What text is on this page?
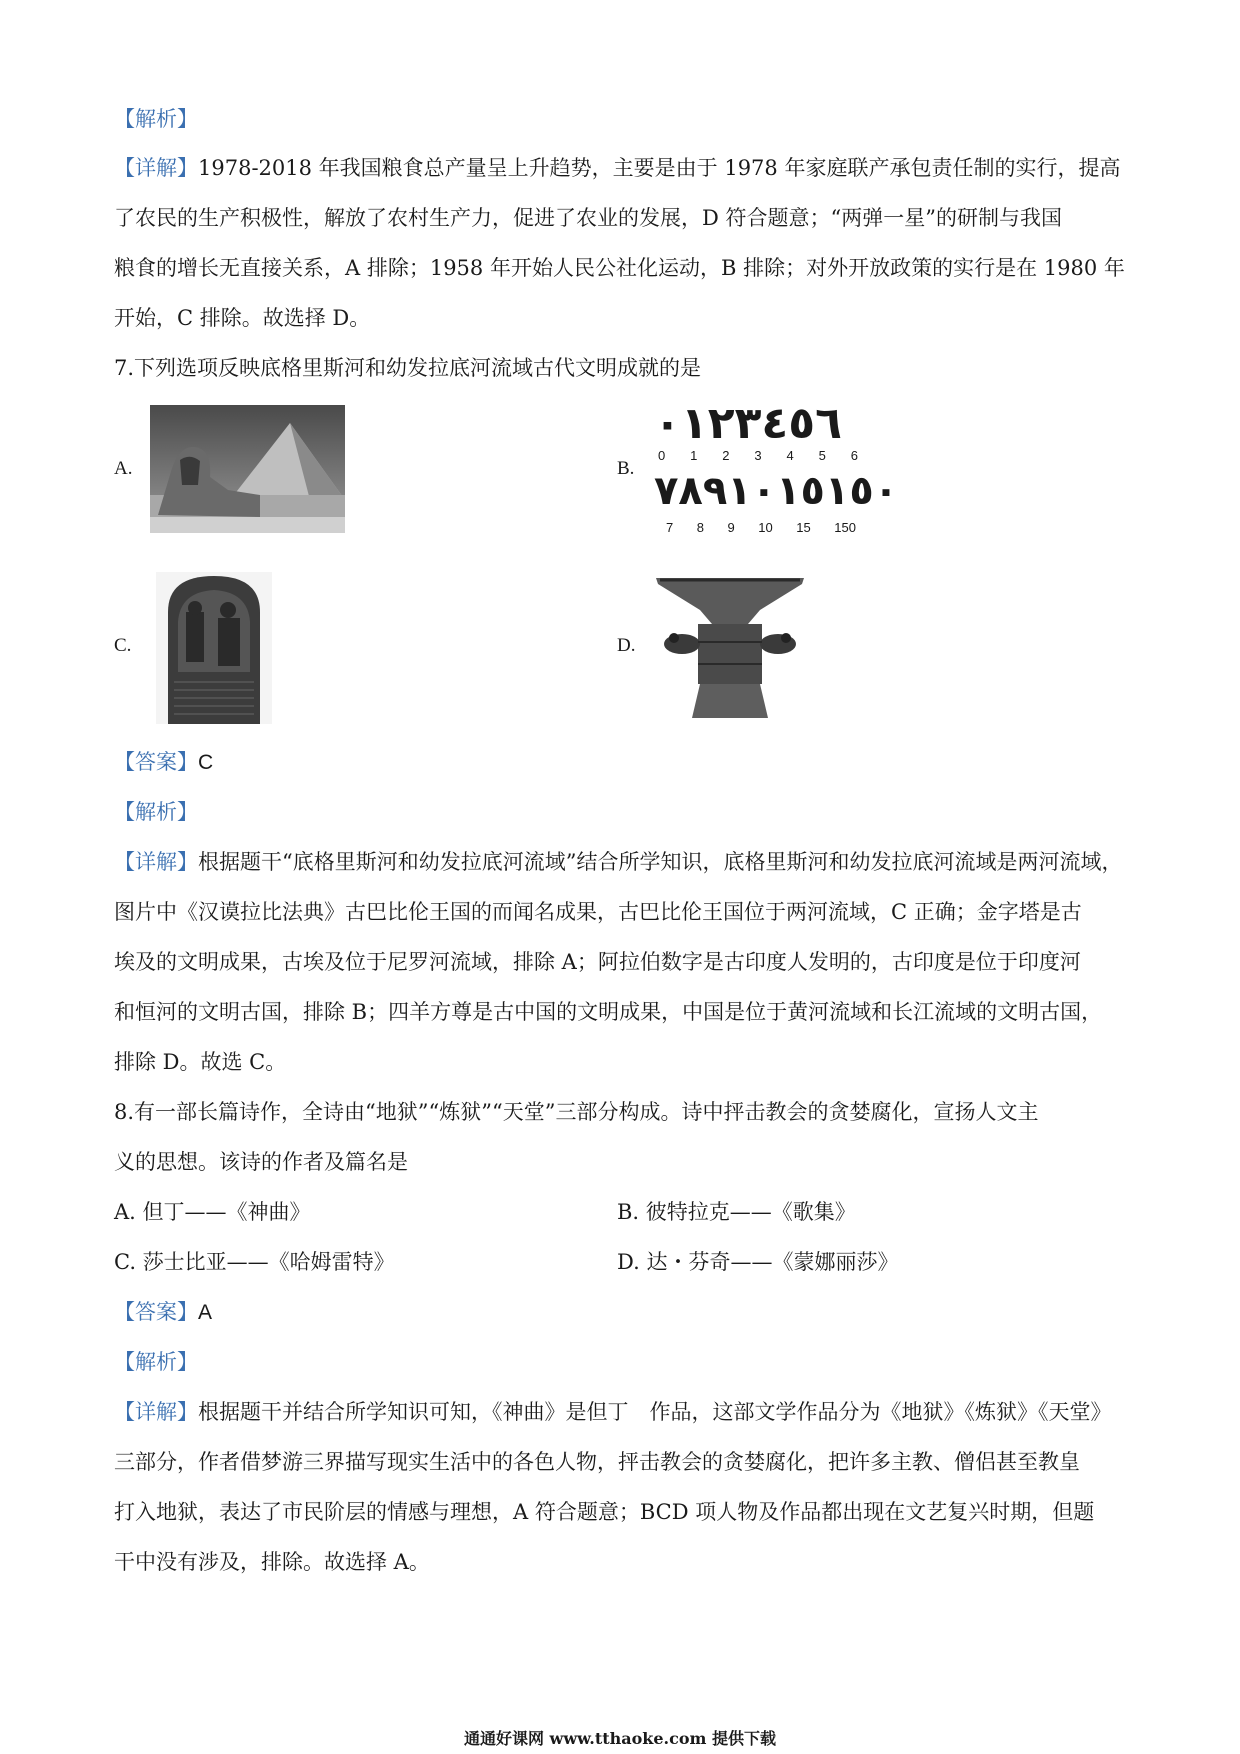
【解析】

【详解】1978-2018 年我国粮食总产量呈上升趋势，主要是由于 1978 年家庭联产承包责任制的实行，提高

了农民的生产积极性，解放了农村生产力，促进了农业的发展，D 符合题意；“两弹一星”的研制与我国

粮食的增长无直接关系，A 排除；1958 年开始人民公社化运动，B 排除；对外开放政策的实行是在 1980 年

开始，C 排除。故选择 D。

7.下列选项反映底格里斯河和幼发拉底河流域古代文明成就的是

A.	B.
٠١٢٣٤٥٦
0 1 2 3 4 5 6
٧٨٩١٠١٥١٥٠
7 8 9 10 15 150
C.	D.

【答案】C

【解析】

【详解】根据题干“底格里斯河和幼发拉底河流域”结合所学知识，底格里斯河和幼发拉底河流域是两河流域，

图片中《汉谟拉比法典》古巴比伦王国的而闻名成果，古巴比伦王国位于两河流域，C 正确；金字塔是古

埃及的文明成果，古埃及位于尼罗河流域，排除 A；阿拉伯数字是古印度人发明的，古印度是位于印度河

和恒河的文明古国，排除 B；四羊方尊是古中国的文明成果，中国是位于黄河流域和长江流域的文明古国，

排除 D。故选 C。

8.有一部长篇诗作，全诗由“地狱”“炼狱”“天堂”三部分构成。诗中抨击教会的贪婪腐化，宣扬人文主

义的思想。该诗的作者及篇名是

A. 但丁——《神曲》	B. 彼特拉克——《歌集》
C. 莎士比亚——《哈姆雷特》	D. 达・芬奇——《蒙娜丽莎》

【答案】A

【解析】

【详解】根据题干并结合所学知识可知，《神曲》是但丁　作品，这部文学作品分为《地狱》《炼狱》《天堂》

三部分，作者借梦游三界描写现实生活中的各色人物，抨击教会的贪婪腐化，把许多主教、僧侣甚至教皇

打入地狱，表达了市民阶层的情感与理想，A 符合题意；BCD 项人物及作品都出现在文艺复兴时期，但题

干中没有涉及，排除。故选择 A。

通通好课网 www.tthaoke.com 提供下载
